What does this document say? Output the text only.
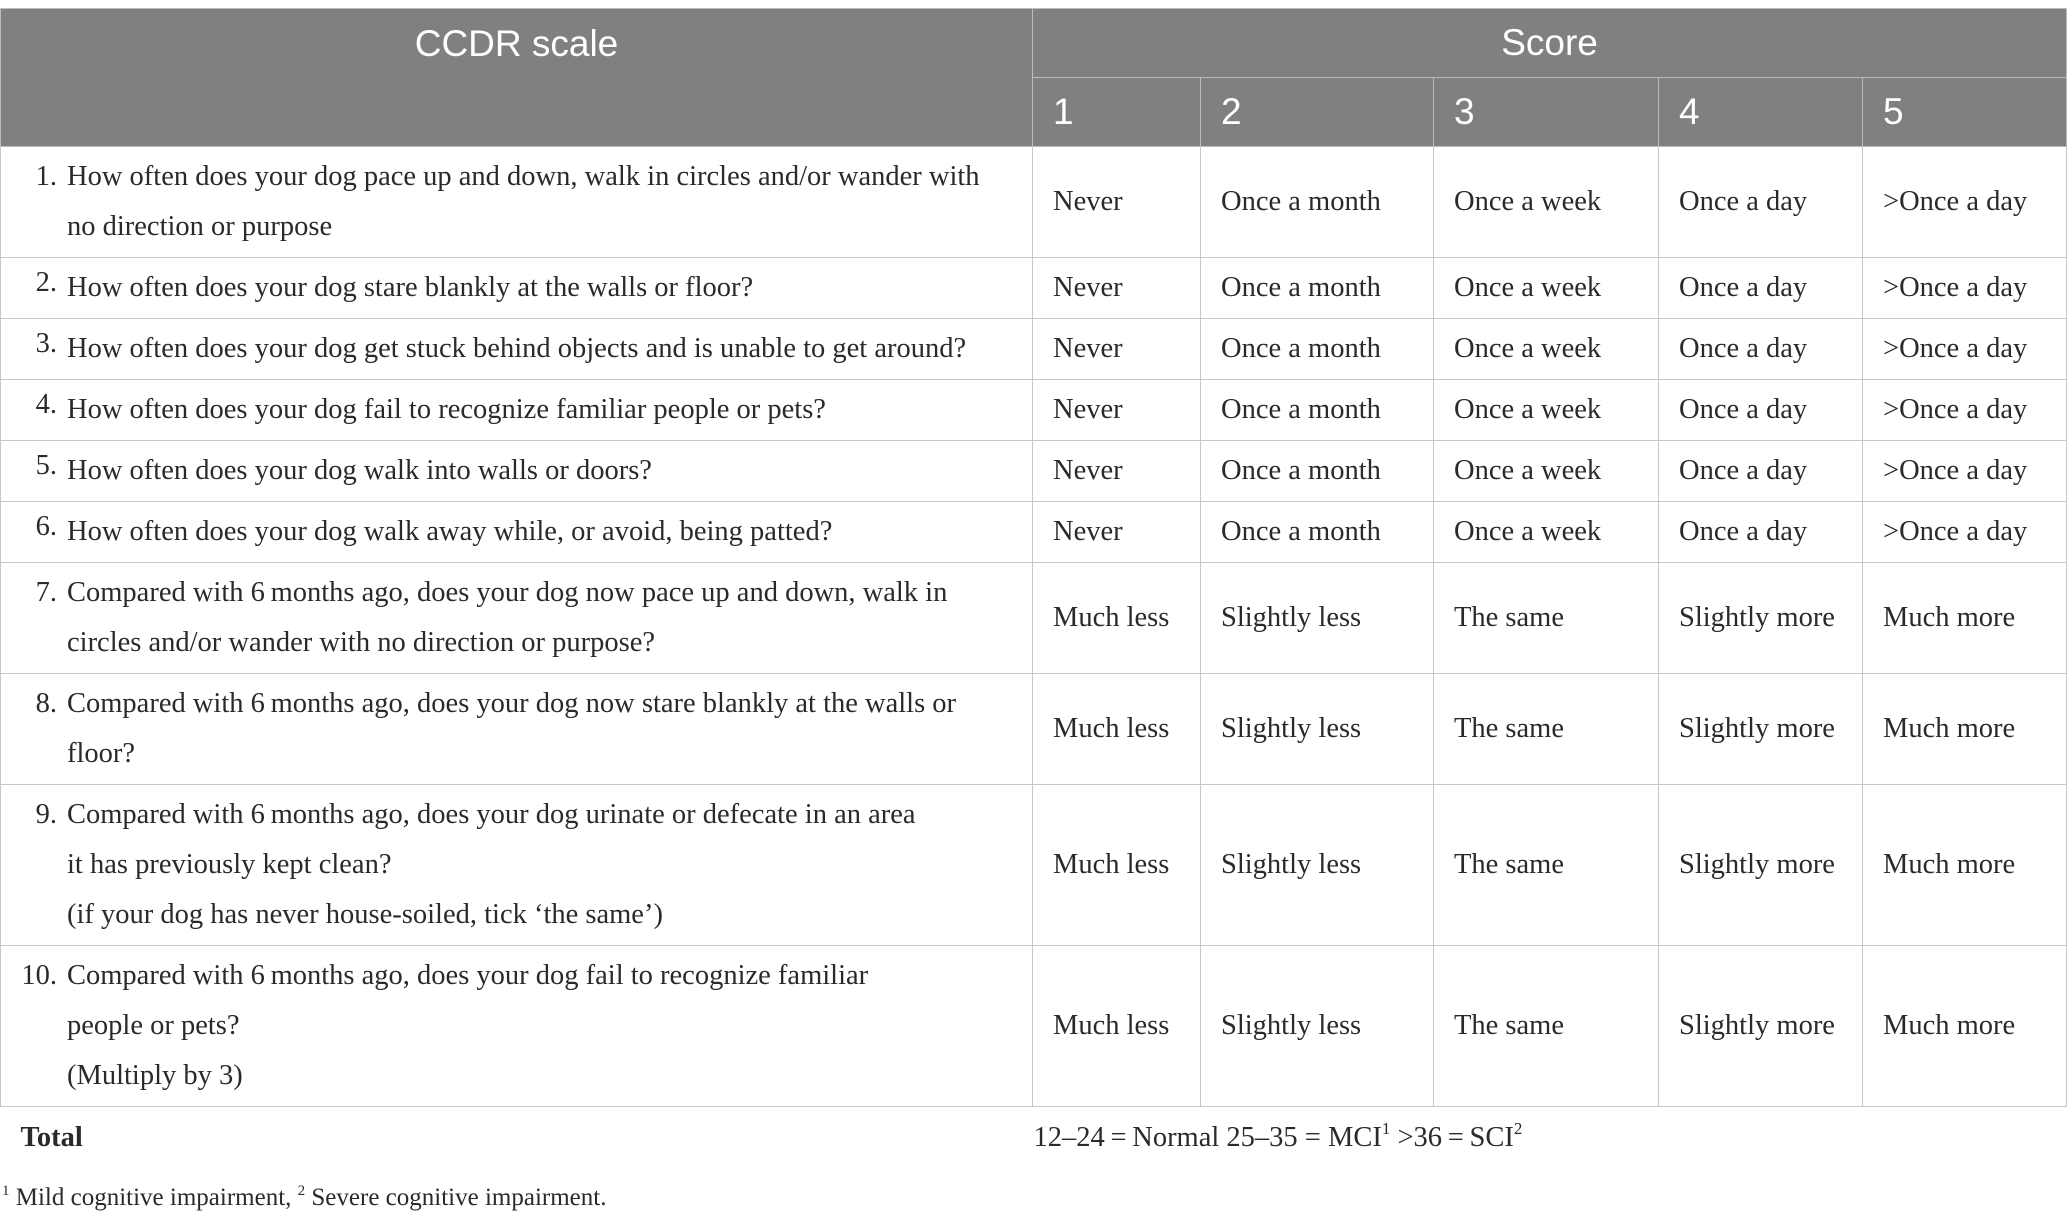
CCDR scale	Score				
	1	2	3	4	5

1. How often does your dog pace up and down, walk in circles and/or wander with
no direction or purpose	Never	Once a month	Once a week	Once a day	>Once a day

2. How often does your dog stare blankly at the walls or floor?	Never	Once a month	Once a week	Once a day	>Once a day

3. How often does your dog get stuck behind objects and is unable to get around?	Never	Once a month	Once a week	Once a day	>Once a day

4. How often does your dog fail to recognize familiar people or pets?	Never	Once a month	Once a week	Once a day	>Once a day

5. How often does your dog walk into walls or doors?	Never	Once a month	Once a week	Once a day	>Once a day

6. How often does your dog walk away while, or avoid, being patted?	Never	Once a month	Once a week	Once a day	>Once a day

7. Compared with 6 months ago, does your dog now pace up and down, walk in
circles and/or wander with no direction or purpose?	Much less	Slightly less	The same	Slightly more	Much more

8. Compared with 6 months ago, does your dog now stare blankly at the walls or
floor?	Much less	Slightly less	The same	Slightly more	Much more

9. Compared with 6 months ago, does your dog urinate or defecate in an area
it has previously kept clean?
(if your dog has never house-soiled, tick ‘the same’)	Much less	Slightly less	The same	Slightly more	Much more

10. Compared with 6 months ago, does your dog fail to recognize familiar
people or pets?
(Multiply by 3)	Much less	Slightly less	The same	Slightly more	Much more
Total	12–24 = Normal $25-35 = MCI^1 >36 = SCI^2$
$^1$ Mild cognitive impairment, $^2$ Severe cognitive impairment.
